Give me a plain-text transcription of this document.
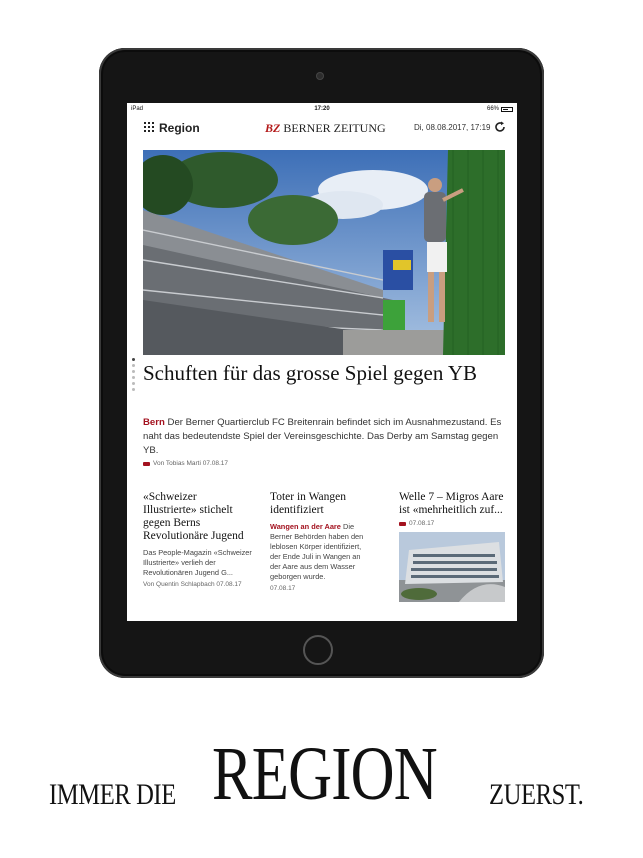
iPad	17:20	66%
Region	BZ BERNER ZEITUNG	Di, 08.08.2017, 17:19
Schuften für das grosse Spiel gegen YB
Bern Der Berner Quartierclub FC Breitenrain befindet sich im Ausnahmezustand. Es naht das bedeutendste Spiel der Vereinsgeschichte. Das Derby am Samstag gegen YB.
Von Tobias Marti 07.08.17
«Schweizer Illustrierte» stichelt gegen Berns Revolutionäre Jugend
Das People-Magazin «Schweizer Illustrierte» verlieh der Revolutionären Jugend G...
Von Quentin Schlapbach 07.08.17
Toter in Wangen identifiziert
Wangen an der Aare Die Berner Behörden haben den leblosen Körper identifiziert, der Ende Juli in Wangen an der Aare aus dem Wasser geborgen wurde.
07.08.17
Welle 7 – Migros Aare ist «mehrheitlich zuf...
07.08.17
IMMER DIE REGION ZUERST.
